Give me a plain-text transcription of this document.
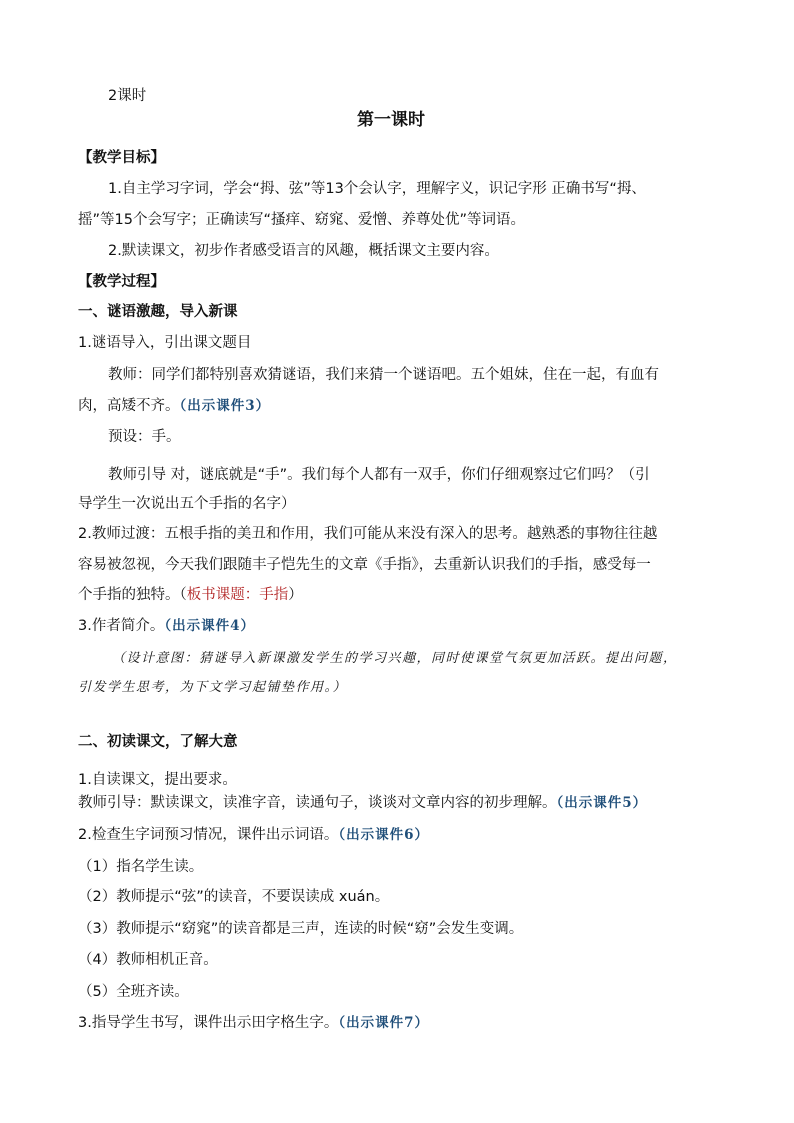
2课时
第一课时
【教学目标】
1.自主学习字词，学会“拇、弦”等13个会认字，理解字义，识记字形 正确书写“拇、
摇”等15个会写字；正确读写“搔痒、窈窕、爱憎、养尊处优”等词语。
2.默读课文，初步作者感受语言的风趣，概括课文主要内容。
【教学过程】
一、谜语激趣，导入新课
1.谜语导入，引出课文题目
教师：同学们都特别喜欢猜谜语，我们来猜一个谜语吧。五个姐妹，住在一起，有血有
肉，高矮不齐。（出示课件3）
预设：手。
教师引导 对，谜底就是“手”。我们每个人都有一双手，你们仔细观察过它们吗？（引
导学生一次说出五个手指的名字）
2.教师过渡：五根手指的美丑和作用，我们可能从来没有深入的思考。越熟悉的事物往往越
容易被忽视，今天我们跟随丰子恺先生的文章《手指》，去重新认识我们的手指，感受每一
个手指的独特。（板书课题：手指）
3.作者简介。（出示课件4）
（设计意图：猜谜导入新课激发学生的学习兴趣，同时使课堂气氛更加活跃。提出问题，
引发学生思考，为下文学习起铺垫作用。）
二、初读课文，了解大意
1.自读课文，提出要求。
教师引导：默读课文，读准字音，读通句子，谈谈对文章内容的初步理解。（出示课件5）
2.检查生字词预习情况，课件出示词语。（出示课件6）
（1）指名学生读。
（2）教师提示“弦”的读音，不要误读成 xuán。
（3）教师提示“窈窕”的读音都是三声，连读的时候“窈”会发生变调。
（4）教师相机正音。
（5）全班齐读。
3.指导学生书写，课件出示田字格生字。（出示课件7）
